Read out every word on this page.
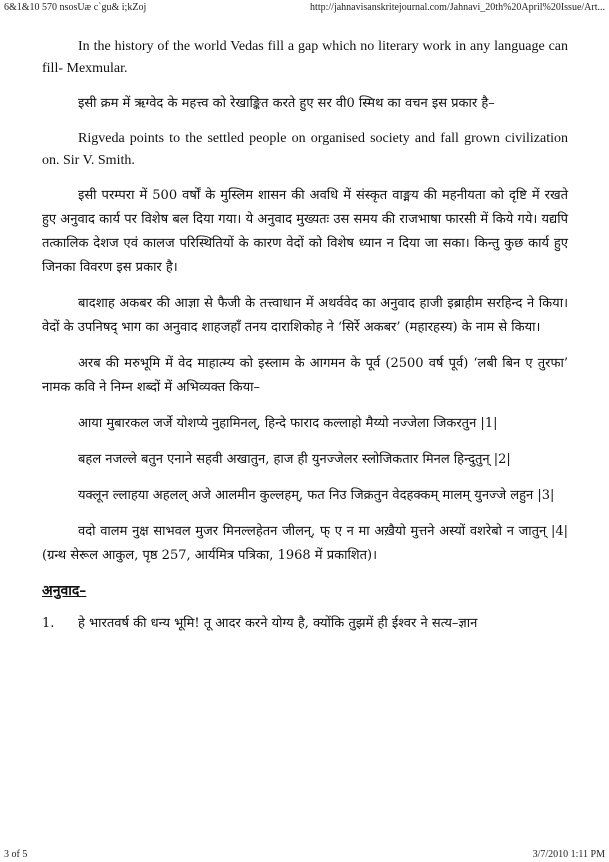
6&1&10 570 nsosUæ c`gu& i;kZoj	http://jahnavisanskritejournal.com/Jahnavi_20th%20April%20Issue/Art...

In the history of the world Vedas fill a gap which no literary work in any language can fill- Mexmular.

इसी क्रम में ऋग्वेद के महत्त्व को रेखाङ्कित करते हुए सर वी0 स्मिथ का वचन इस प्रकार है–

Rigveda points to the settled people on organised society and fall grown civilization on. Sir V. Smith.

इसी परम्परा में 500 वर्षों के मुस्लिम शासन की अवधि में संस्कृत वाङ्मय की महनीयता को दृष्टि में रखते हुए अनुवाद कार्य पर विशेष बल दिया गया। ये अनुवाद मुख्यतः उस समय की राजभाषा फारसी में किये गये। यद्यपि तत्कालिक देशज एवं कालज परिस्थितियों के कारण वेदों को विशेष ध्यान न दिया जा सका। किन्तु कुछ कार्य हुए जिनका विवरण इस प्रकार है।

बादशाह अकबर की आज्ञा से फैजी के तत्त्वाधान में अथर्ववेद का अनुवाद हाजी इब्राहीम सरहिन्द ने किया। वेदों के उपनिषद् भाग का अनुवाद शाहजहाँ तनय दाराशिकोह ने ‘सिर्रे अकबर’ (महारहस्य) के नाम से किया।

अरब की मरुभूमि में वेद माहात्म्य को इस्लाम के आगमन के पूर्व (2500 वर्ष पूर्व) ‘लबी बिन ए तुरफा’ नामक कवि ने निम्न शब्दों में अभिव्यक्त किया–

आया मुबारकल जर्जे योशप्ये नुहामिनल्, हिन्दे फाराद कल्लाहो मैय्यो नज्जेला जिकरतुन |1|

बहल नजल्ले बतुन एनाने सहवी अखातुन, हाज ही युनज्जेलर स्लोजिकतार मिनल हिन्दुतुन् |2|

यक्लून ल्लाहया अहलल् अजे आलमीन कुल्लहम्, फत निउ जिक्रतुन वेदहक्कम् मालम् युनज्जे लहुन |3|

वदो वालम नुक्ष साभवल मुजर मिनल्लहेतन जीलन्, फ् ए न मा अख़ैयो मुत्तने अस्यों वशरेबो न जातुन् |4| (ग्रन्थ सेरूल आकुल, पृष्ठ 257, आर्यमित्र पत्रिका, 1968 में प्रकाशित)।

अनुवाद–
1.	हे भारतवर्ष की धन्य भूमि! तू आदर करने योग्य है, क्योंकि तुझमें ही ईश्वर ने सत्य–ज्ञान
3 of 5	3/7/2010 1:11 PM
